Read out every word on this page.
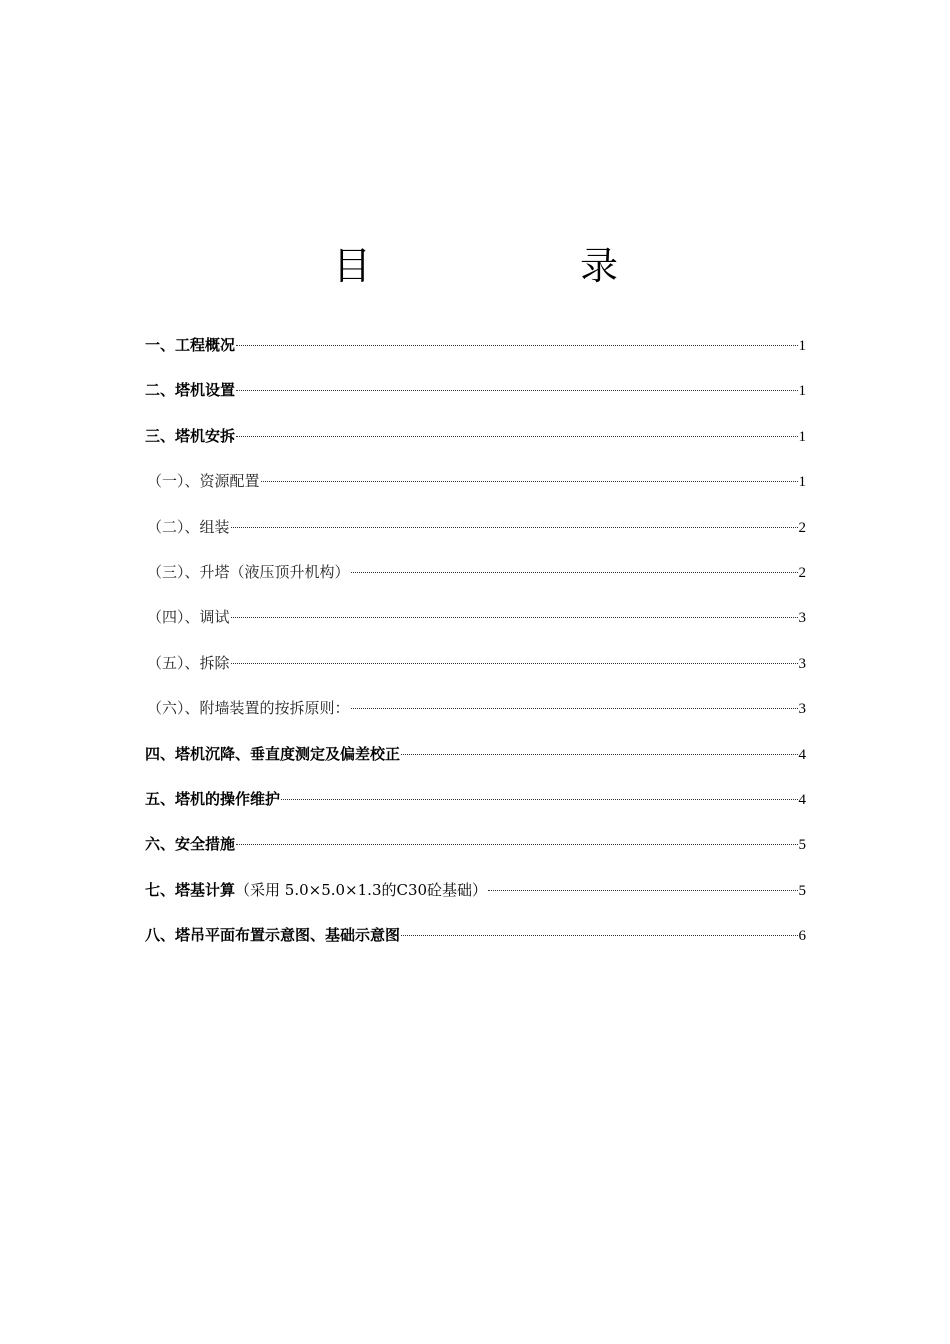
目	录
一、工程概况	1
二、塔机设置	1
三、塔机安拆	1
（一）、资源配置	1
（二）、组装	2
（三）、升塔（液压顶升机构）	2
（四）、调试	3
（五）、拆除	3
（六）、附墙装置的按拆原则：	3
四、塔机沉降、垂直度测定及偏差校正	4
五、塔机的操作维护	4
六、安全措施	5
七、塔基计算（采用 5.0×5.0×1.3的C30砼基础）	5
八、塔吊平面布置示意图、基础示意图	6
